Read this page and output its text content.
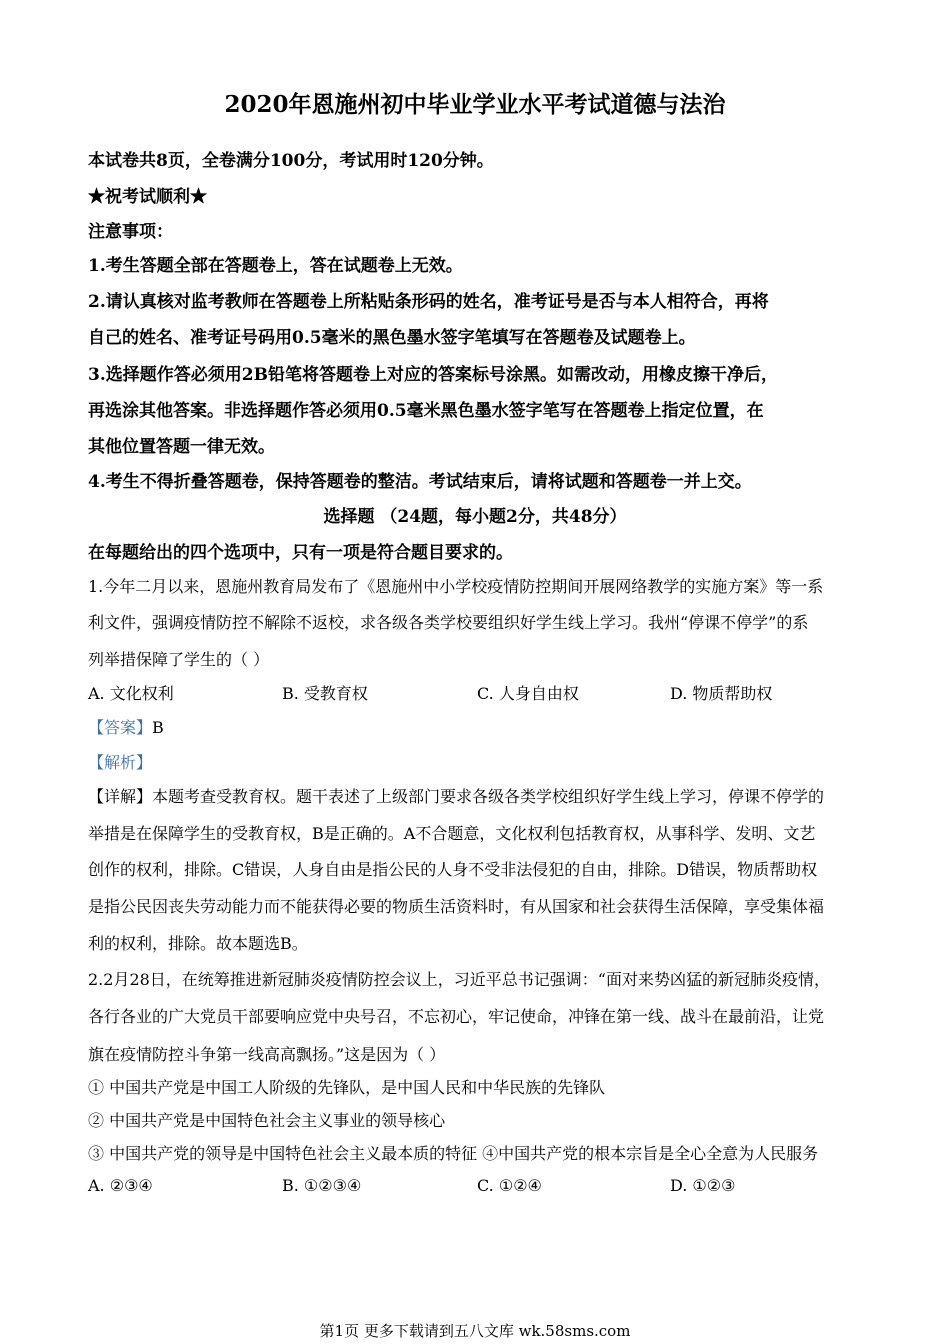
2020年恩施州初中毕业学业水平考试道德与法治
本试卷共8页，全卷满分100分，考试用时120分钟。
★祝考试顺利★
注意事项：
1.考生答题全部在答题卷上，答在试题卷上无效。
2.请认真核对监考教师在答题卷上所粘贴条形码的姓名，准考证号是否与本人相符合，再将
自己的姓名、准考证号码用0.5毫米的黑色墨水签字笔填写在答题卷及试题卷上。
3.选择题作答必须用2B铅笔将答题卷上对应的答案标号涂黑。如需改动，用橡皮擦干净后，
再选涂其他答案。非选择题作答必须用0.5毫米黑色墨水签字笔写在答题卷上指定位置，在
其他位置答题一律无效。
4.考生不得折叠答题卷，保持答题卷的整洁。考试结束后，请将试题和答题卷一并上交。
选择题 （24题，每小题2分，共48分）
在每题给出的四个选项中，只有一项是符合题目要求的。
1.今年二月以来，恩施州教育局发布了《恩施州中小学校疫情防控期间开展网络教学的实施方案》等一系
利文件，强调疫情防控不解除不返校，求各级各类学校要组织好学生线上学习。我州“停课不停学”的系
列举措保障了学生的（ ）
A. 文化权利	B. 受教育权	C. 人身自由权	D. 物质帮助权
【答案】B
【解析】
【详解】本题考查受教育权。题干表述了上级部门要求各级各类学校组织好学生线上学习，停课不停学的
举措是在保障学生的受教育权，B是正确的。A不合题意，文化权利包括教育权，从事科学、发明、文艺
创作的权利，排除。C错误，人身自由是指公民的人身不受非法侵犯的自由，排除。D错误，物质帮助权
是指公民因丧失劳动能力而不能获得必要的物质生活资料时，有从国家和社会获得生活保障，享受集体福
利的权利，排除。故本题选B。
2.2月28日，在统筹推进新冠肺炎疫情防控会议上，习近平总书记强调：“面对来势凶猛的新冠肺炎疫情，
各行各业的广大党员干部要响应党中央号召，不忘初心，牢记使命，冲锋在第一线、战斗在最前沿，让党
旗在疫情防控斗争第一线高高飘扬。”这是因为（ ）
① 中国共产党是中国工人阶级的先锋队，是中国人民和中华民族的先锋队
② 中国共产党是中国特色社会主义事业的领导核心
③ 中国共产党的领导是中国特色社会主义最本质的特征 ④中国共产党的根本宗旨是全心全意为人民服务
A. ②③④	B. ①②③④	C. ①②④	D. ①②③
第1页 更多下载请到五八文库 wk.58sms.com
